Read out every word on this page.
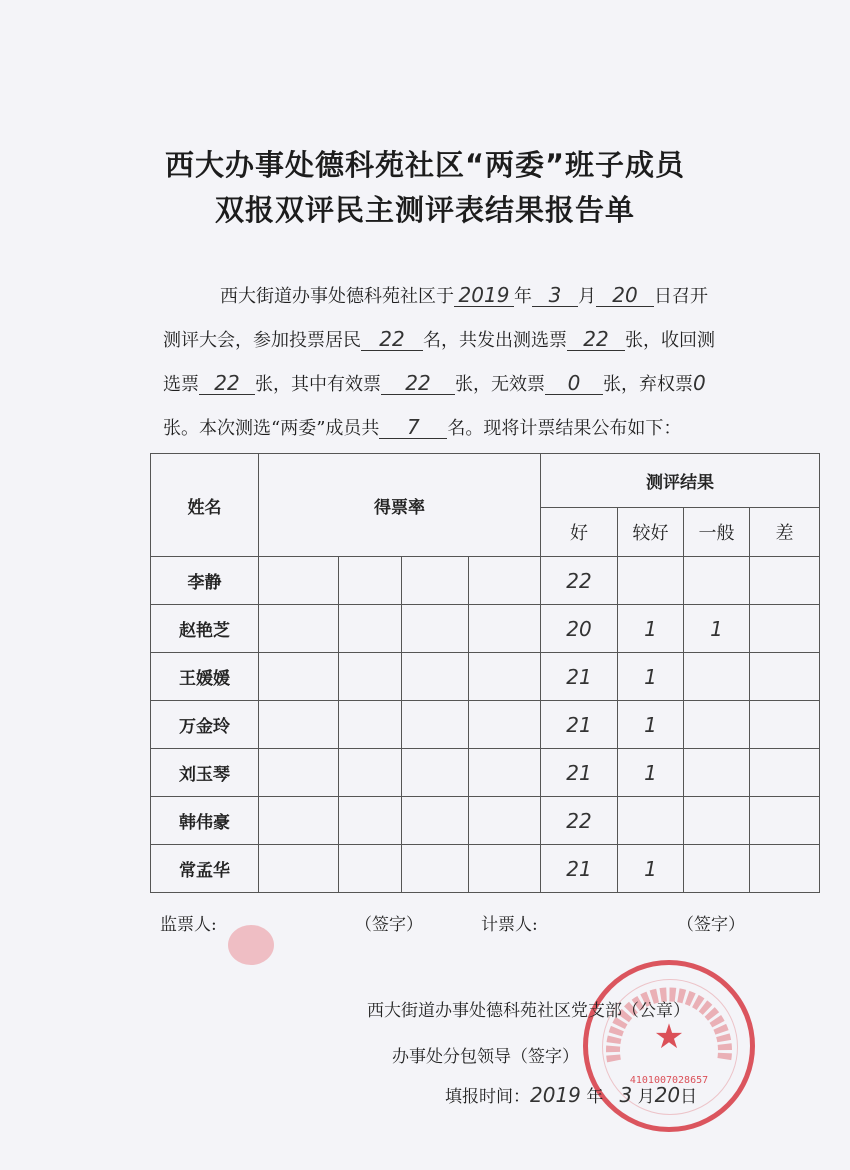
西大办事处德科苑社区“两委”班子成员
双报双评民主测评表结果报告单
西大街道办事处德科苑社区于 2019 年 3 月 20 日召开
测评大会，参加投票居民 22 名，共发出测选票 22 张，收回测
选票 22 张，其中有效票 22 张，无效票 0 张，弃权票0
张。本次测选“两委”成员共 7 名。现将计票结果公布如下：
姓名	得票率				测评结果			
					好	较好	一般	差
李静					22			
赵艳芝					20	1	1	
王媛媛					21	1		
万金玲					21	1		
刘玉琴					21	1		
韩伟豪					22			
常孟华					21	1		
监票人:	（签字）	计票人:	（签字）
★
4101007028657
西大街道办事处德科苑社区党支部（公章）
办事处分包领导（签字）
填报时间：2019 年 3 月20日
